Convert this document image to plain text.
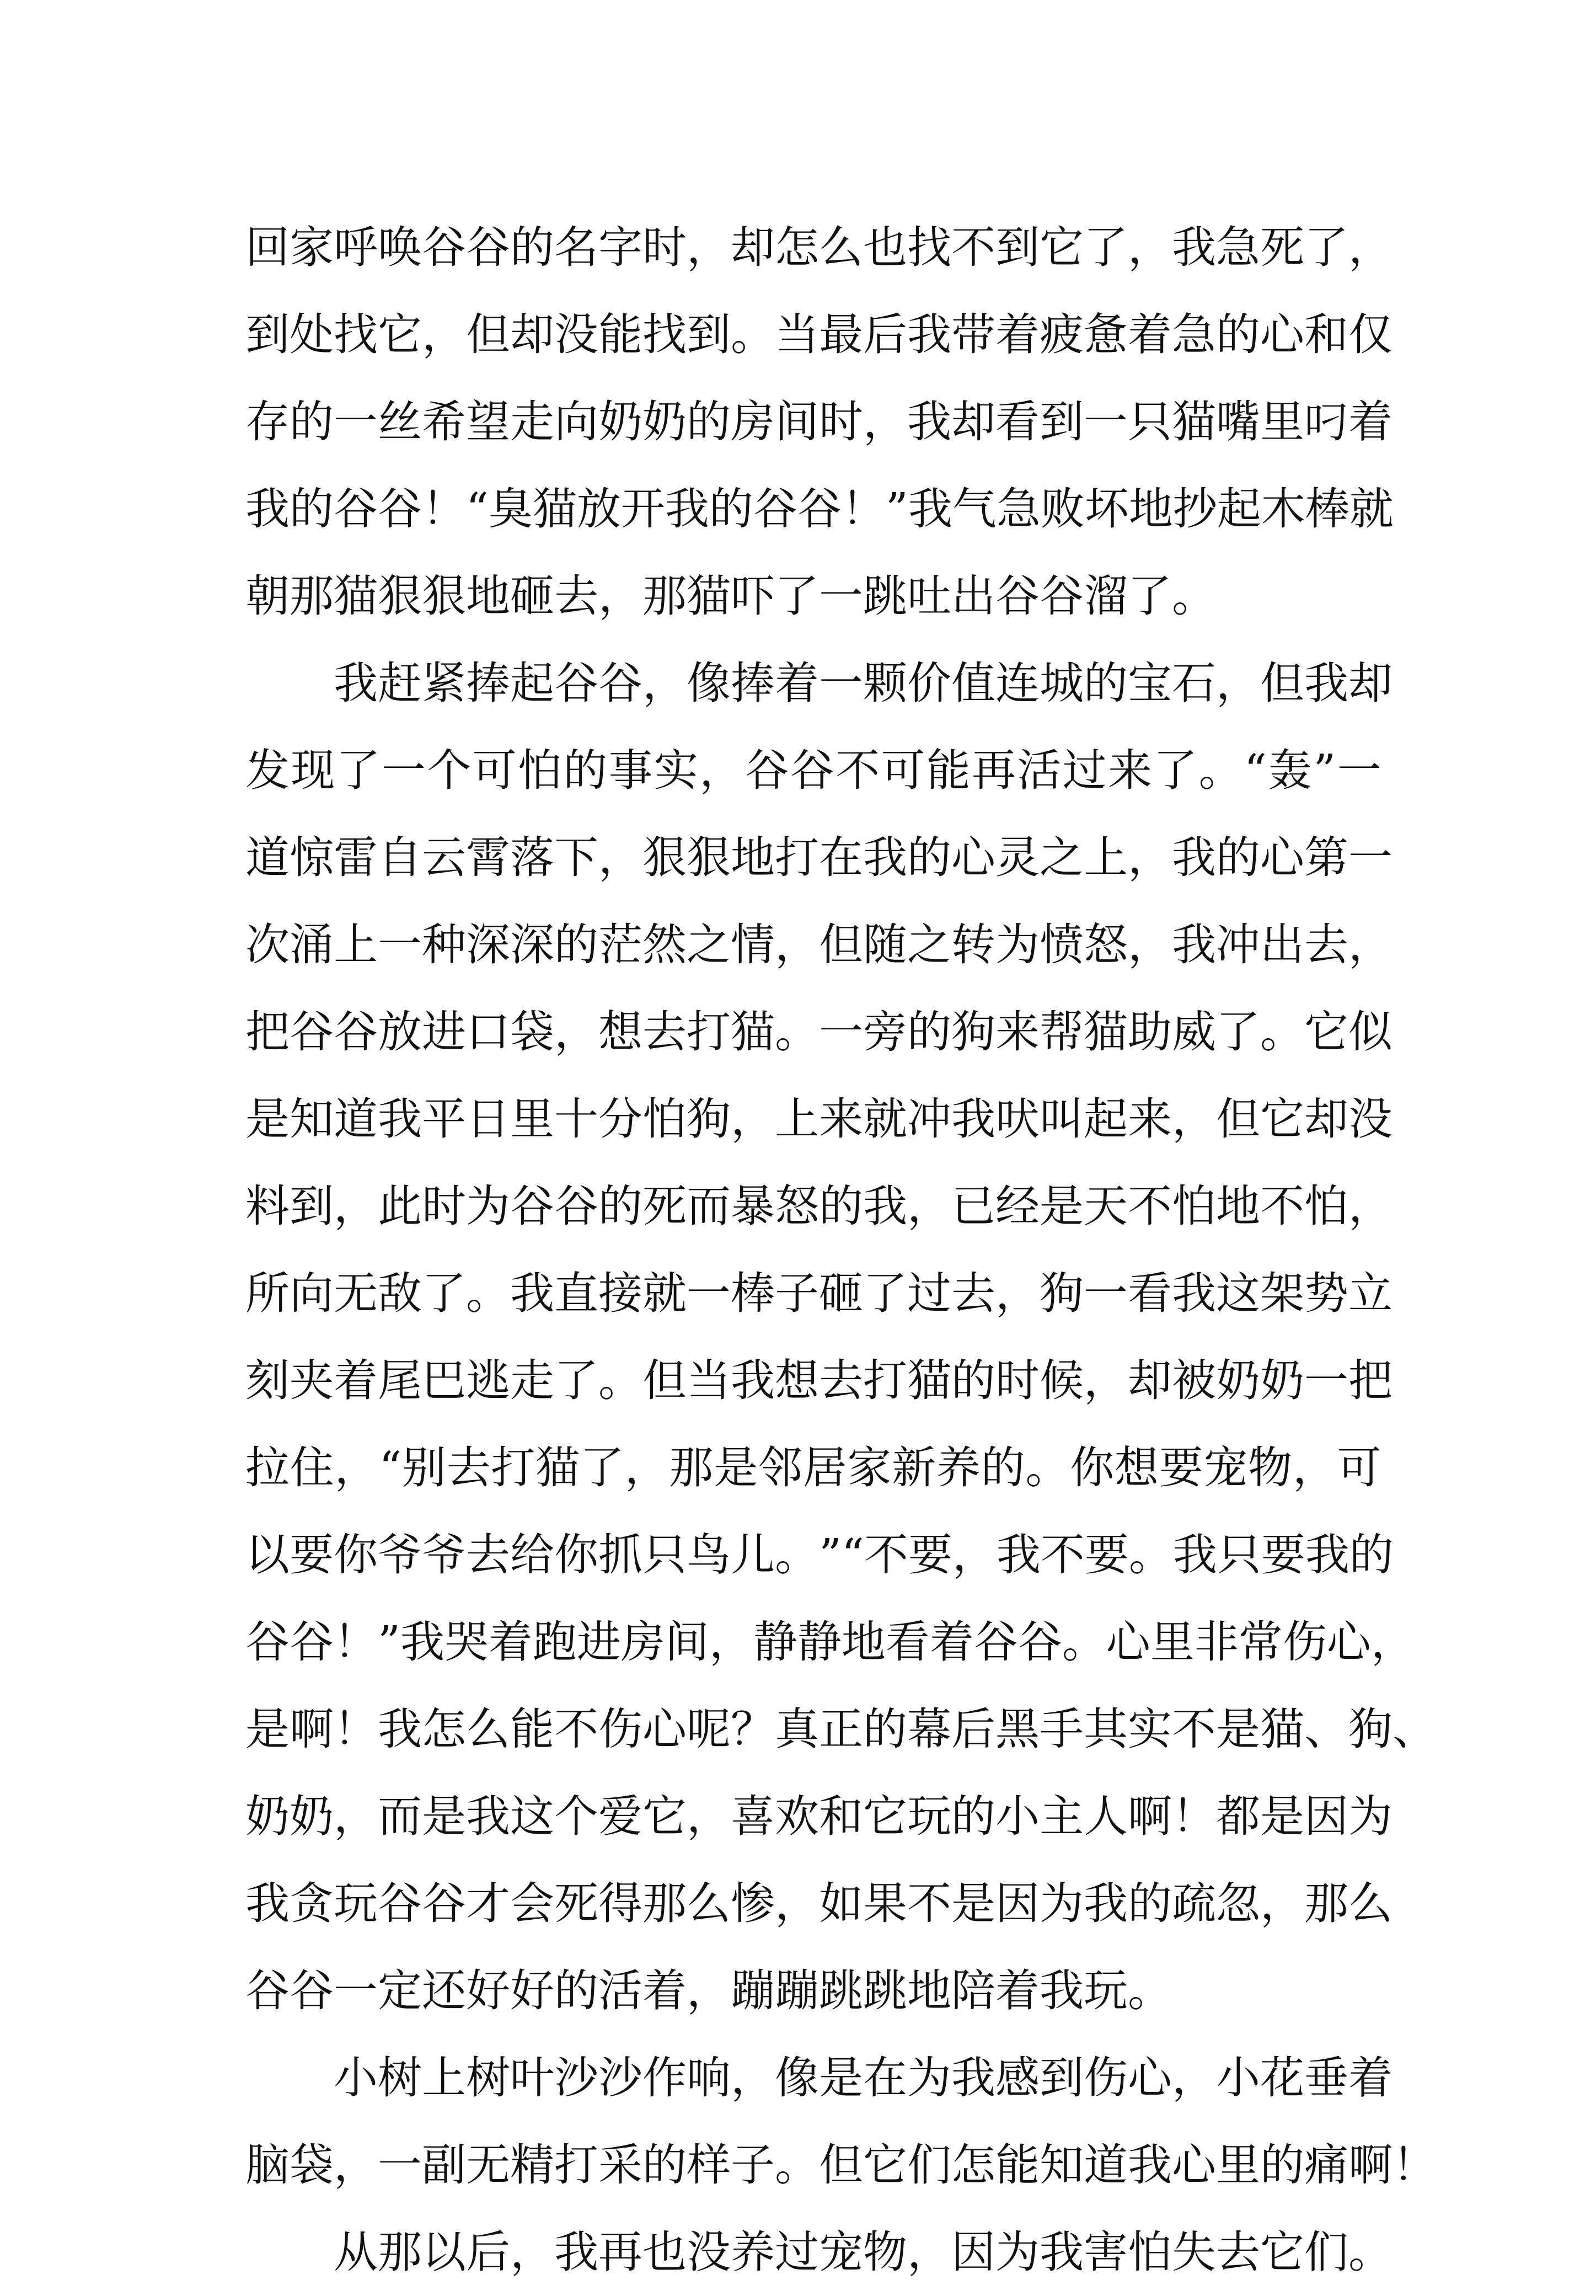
回 家 呼 唤 谷 谷 的 名 字 时 ， 却 怎 么 也 找 不 到 它 了 ， 我 急 死 了 ，
到 处 找 它 ， 但 却 没 能 找 到 。 当 最 后 我 带 着 疲 惫 着 急 的 心 和 仅
存 的 一 丝 希 望 走 向 奶 奶 的 房 间 时 ， 我 却 看 到 一 只 猫 嘴 里 叼 着
我 的 谷 谷 ！ “ 臭 猫 放 开 我 的 谷 谷 ！ ” 我 气 急 败 坏 地 抄 起 木 棒 就
朝那猫狠狠地砸去，那猫吓了一跳吐出谷谷溜了。
我 赶 紧 捧 起 谷 谷 ， 像 捧 着 一 颗 价 值 连 城 的 宝 石 ， 但 我 却
发 现 了 一 个 可 怕 的 事 实 ， 谷 谷 不 可 能 再 活 过 来 了 。 “ 轰 ” 一
道 惊 雷 自 云 霄 落 下 ， 狠 狠 地 打 在 我 的 心 灵 之 上 ， 我 的 心 第 一
次 涌 上 一 种 深 深 的 茫 然 之 情 ， 但 随 之 转 为 愤 怒 ， 我 冲 出 去 ，
把 谷 谷 放 进 口 袋 ， 想 去 打 猫 。 一 旁 的 狗 来 帮 猫 助 威 了 。 它 似
是 知 道 我 平 日 里 十 分 怕 狗 ， 上 来 就 冲 我 吠 叫 起 来 ， 但 它 却 没
料 到 ， 此 时 为 谷 谷 的 死 而 暴 怒 的 我 ， 已 经 是 天 不 怕 地 不 怕 ，
所 向 无 敌 了 。 我 直 接 就 一 棒 子 砸 了 过 去 ， 狗 一 看 我 这 架 势 立
刻 夹 着 尾 巴 逃 走 了 。 但 当 我 想 去 打 猫 的 时 候 ， 却 被 奶 奶 一 把
拉 住 ， “ 别 去 打 猫 了 ， 那 是 邻 居 家 新 养 的 。 你 想 要 宠 物 ， 可
以 要 你 爷 爷 去 给 你 抓 只 鸟 儿 。 ” “ 不 要 ， 我 不 要 。 我 只 要 我 的
谷 谷 ！ ” 我 哭 着 跑 进 房 间 ， 静 静 地 看 着 谷 谷 。 心 里 非 常 伤 心 ，
是 啊 ！ 我 怎 么 能 不 伤 心 呢 ？ 真 正 的 幕 后 黑 手 其 实 不 是 猫 、 狗 、
奶 奶 ， 而 是 我 这 个 爱 它 ， 喜 欢 和 它 玩 的 小 主 人 啊 ！ 都 是 因 为
我 贪 玩 谷 谷 才 会 死 得 那 么 惨 ， 如 果 不 是 因 为 我 的 疏 忽 ， 那 么
谷谷一定还好好的活着，蹦蹦跳跳地陪着我玩。
小 树 上 树 叶 沙 沙 作 响 ， 像 是 在 为 我 感 到 伤 心 ， 小 花 垂 着
脑 袋 ， 一 副 无 精 打 采 的 样 子 。 但 它 们 怎 能 知 道 我 心 里 的 痛 啊 ！
从 那 以 后 ， 我 再 也 没 养 过 宠 物 ， 因 为 我 害 怕 失 去 它 们 。
